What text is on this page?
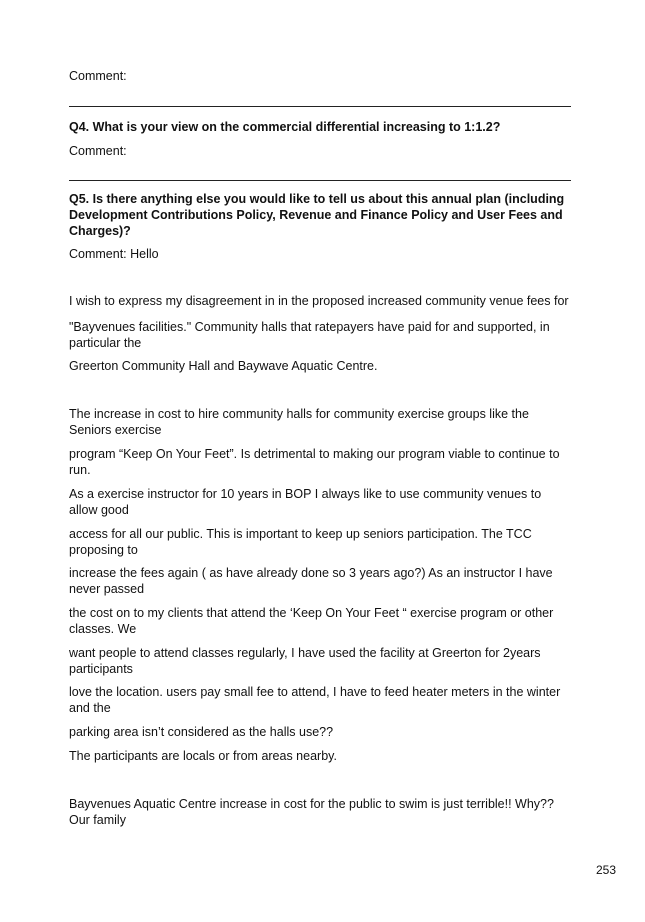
Comment:

Q4. What is your view on the commercial differential increasing to 1:1.2?

Comment:

Q5. Is there anything else you would like to tell us about this annual plan (including Development Contributions Policy, Revenue and Finance Policy and User Fees and Charges)?

Comment: Hello

I wish to express my disagreement in in the proposed increased community venue fees for

"Bayvenues facilities." Community halls that ratepayers have paid for and supported, in particular the

Greerton Community Hall and Baywave Aquatic Centre.

The increase in cost to hire community halls for community exercise groups like the Seniors exercise

program “Keep On Your Feet”. Is detrimental to making our program viable to continue to run.

As a exercise instructor for 10 years in BOP I always like to use community venues to allow good

access for all our public. This is important to keep up seniors participation. The TCC proposing to

increase the fees again ( as have already done so 3 years ago?) As an instructor I have never passed

the cost on to my clients that attend the ‘Keep On Your Feet “ exercise program or other classes. We

want people to attend classes regularly, I have used the facility at Greerton for 2years participants

love the location. users pay small fee to attend, I have to feed heater meters in the winter and the

parking area isn’t considered as the halls use??

The participants are locals or from areas nearby.

Bayvenues Aquatic Centre increase in cost for the public to swim is just terrible!! Why?? Our family

253
